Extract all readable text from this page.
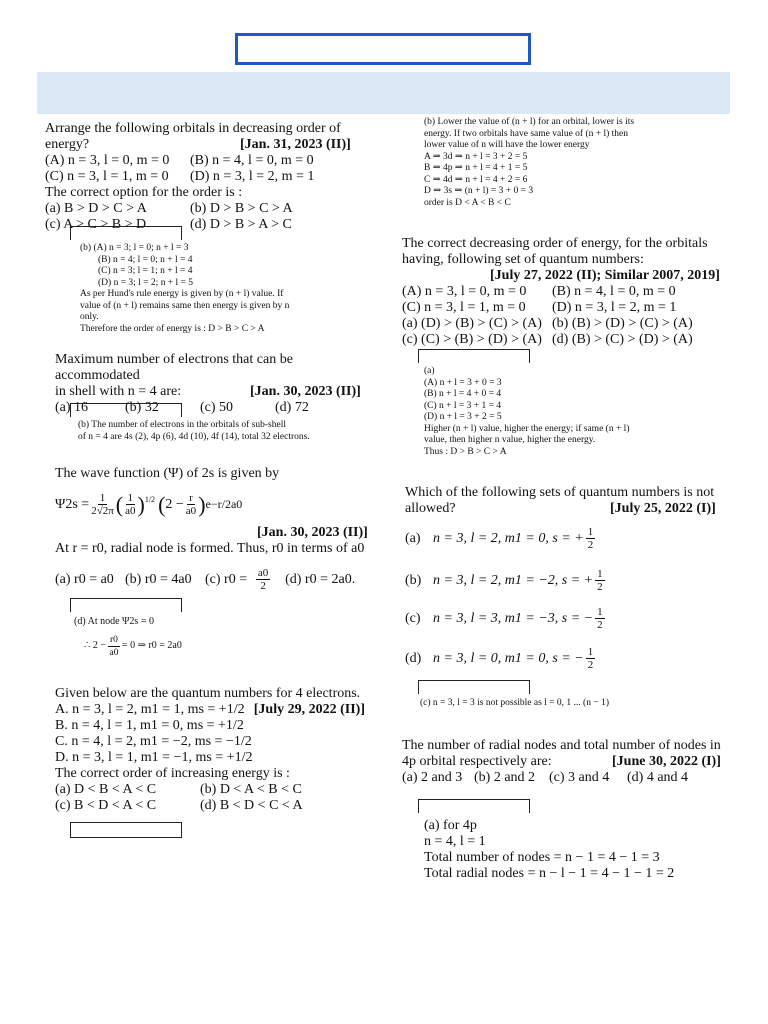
Arrange the following orbitals in decreasing order of
energy?	[Jan. 31, 2023 (II)]
(A) n = 3, l = 0, m = 0	(B) n = 4, l = 0, m = 0
(C) n = 3, l = 1, m = 0	(D) n = 3, l = 2, m = 1
The correct option for the order is :
(a) B > D > C > A	(b) D > B > C > A
(c) A > C > B > D	(d) D > B > A > C
(b) (A) n = 3; l = 0; n + l = 3
(B) n = 4; l = 0; n + l = 4
(C) n = 3; l = 1; n + l = 4
(D) n = 3; l = 2; n + l = 5
As per Hund's rule energy is given by (n + l) value. If
value of (n + l) remains same then energy is given by n
only.
Therefore the order of energy is : D > B > C > A
Maximum number of electrons that can be accommodated
in shell with n = 4 are:	[Jan. 30, 2023 (II)]
(a) 16	(b) 32	(c) 50	(d) 72
(b) The number of electrons in the orbitals of sub-shell
of n = 4 are 4s (2), 4p (6), 4d (10), 4f (14), total 32 electrons.
The wave function (Ψ) of 2s is given by
$\Psi 2s = \frac{1}{2√2\pi}$ ( $\frac{1}{a0} )^{1/2}$ ( $2 - \frac{r}{a0}$ ) e−r/2a0
[Jan. 30, 2023 (II)]
At r = r0, radial node is formed. Thus, r0 in terms of a0
(a) r0 = a0 (b) r0 = 4a0 (c) $r0 = \frac{a0}{2} (d) r0 = 2a0$.
(d) At node Ψ2s = 0
∴ $2 - \frac{r0}{a0} = 0$ ⇒ r0 = 2a0
Given below are the quantum numbers for 4 electrons.
A. n = 3, l = 2, m1 = 1, ms = +1/2 [July 29, 2022 (II)]
B. n = 4, l = 1, m1 = 0, ms = +1/2
C. n = 4, l = 2, m1 = −2, ms = −1/2
D. n = 3, l = 1, m1 = −1, ms = +1/2
The correct order of increasing energy is :
(a) D < B < A < C	(b) D < A < B < C
(c) B < D < A < C	(d) B < D < C < A
(b) Lower the value of (n + l) for an orbital, lower is its
energy. If two orbitals have same value of (n + l) then
lower value of n will have the lower energy
A ⇒ 3d ⇒ n + l = 3 + 2 = 5
B ⇒ 4p ⇒ n + l = 4 + 1 = 5
C ⇒ 4d ⇒ n + l = 4 + 2 = 6
D ⇒ 3s ⇒ (n + l) = 3 + 0 = 3
order is D < A < B < C
The correct decreasing order of energy, for the orbitals
having, following set of quantum numbers:
[July 27, 2022 (II); Similar 2007, 2019]
(A) n = 3, l = 0, m = 0	(B) n = 4, l = 0, m = 0
(C) n = 3, l = 1, m = 0	(D) n = 3, l = 2, m = 1
(a) (D) > (B) > (C) > (A) (b) (B) > (D) > (C) > (A)
(c) (C) > (B) > (D) > (A) (d) (B) > (C) > (D) > (A)
(a)
(A) n + l = 3 + 0 = 3
(B) n + l = 4 + 0 = 4
(C) n + l = 3 + 1 = 4
(D) n + l = 3 + 2 = 5
Higher (n + l) value, higher the energy; if same (n + l)
value, then higher n value, higher the energy.
Thus : D > B > C > A
Which of the following sets of quantum numbers is not
allowed?	[July 25, 2022 (I)]
(a) n = 3, l = 2, m1 = 0, s = + $\frac{1}{2}$
(b) n = 3, l = 2, m1 = −2, s = + $\frac{1}{2}$
(c) n = 3, l = 3, m1 = −3, s = − $\frac{1}{2}$
(d) n = 3, l = 0, m1 = 0, s = − $\frac{1}{2}$
(c) n = 3, l = 3 is not possible as l = 0, 1 ... (n − 1)
The number of radial nodes and total number of nodes in
4p orbital respectively are:	[June 30, 2022 (I)]
(a) 2 and 3 (b) 2 and 2 (c) 3 and 4	(d) 4 and 4
(a) for 4p
n = 4, l = 1
Total number of nodes = n − 1 = 4 − 1 = 3
Total radial nodes = n − l − 1 = 4 − 1 − 1 = 2
